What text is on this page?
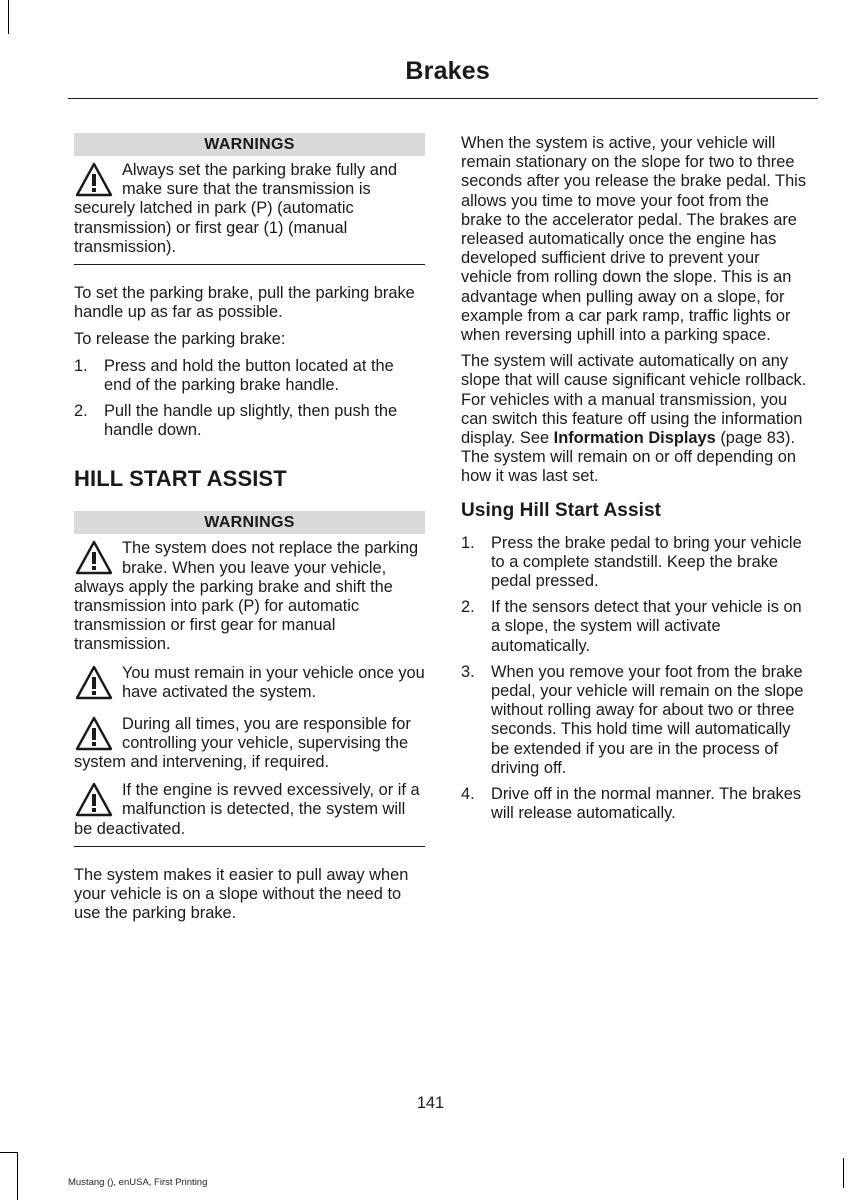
Brakes
WARNINGS
Always set the parking brake fully and make sure that the transmission is securely latched in park (P) (automatic transmission) or first gear (1) (manual transmission).

To set the parking brake, pull the parking brake handle up as far as possible.

To release the parking brake:

1. Press and hold the button located at the end of the parking brake handle.
2. Pull the handle up slightly, then push the handle down.
HILL START ASSIST
WARNINGS
The system does not replace the parking brake. When you leave your vehicle, always apply the parking brake and shift the transmission into park (P) for automatic transmission or first gear for manual transmission.
You must remain in your vehicle once you have activated the system.
During all times, you are responsible for controlling your vehicle, supervising the system and intervening, if required.
If the engine is revved excessively, or if a malfunction is detected, the system will be deactivated.

The system makes it easier to pull away when your vehicle is on a slope without the need to use the parking brake.

When the system is active, your vehicle will remain stationary on the slope for two to three seconds after you release the brake pedal. This allows you time to move your foot from the brake to the accelerator pedal. The brakes are released automatically once the engine has developed sufficient drive to prevent your vehicle from rolling down the slope. This is an advantage when pulling away on a slope, for example from a car park ramp, traffic lights or when reversing uphill into a parking space.

The system will activate automatically on any slope that will cause significant vehicle rollback. For vehicles with a manual transmission, you can switch this feature off using the information display. See Information Displays (page 83). The system will remain on or off depending on how it was last set.

Using Hill Start Assist
1. Press the brake pedal to bring your vehicle to a complete standstill. Keep the brake pedal pressed.
2. If the sensors detect that your vehicle is on a slope, the system will activate automatically.
3. When you remove your foot from the brake pedal, your vehicle will remain on the slope without rolling away for about two or three seconds. This hold time will automatically be extended if you are in the process of driving off.
4. Drive off in the normal manner. The brakes will release automatically.
141
Mustang (), enUSA, First Printing
